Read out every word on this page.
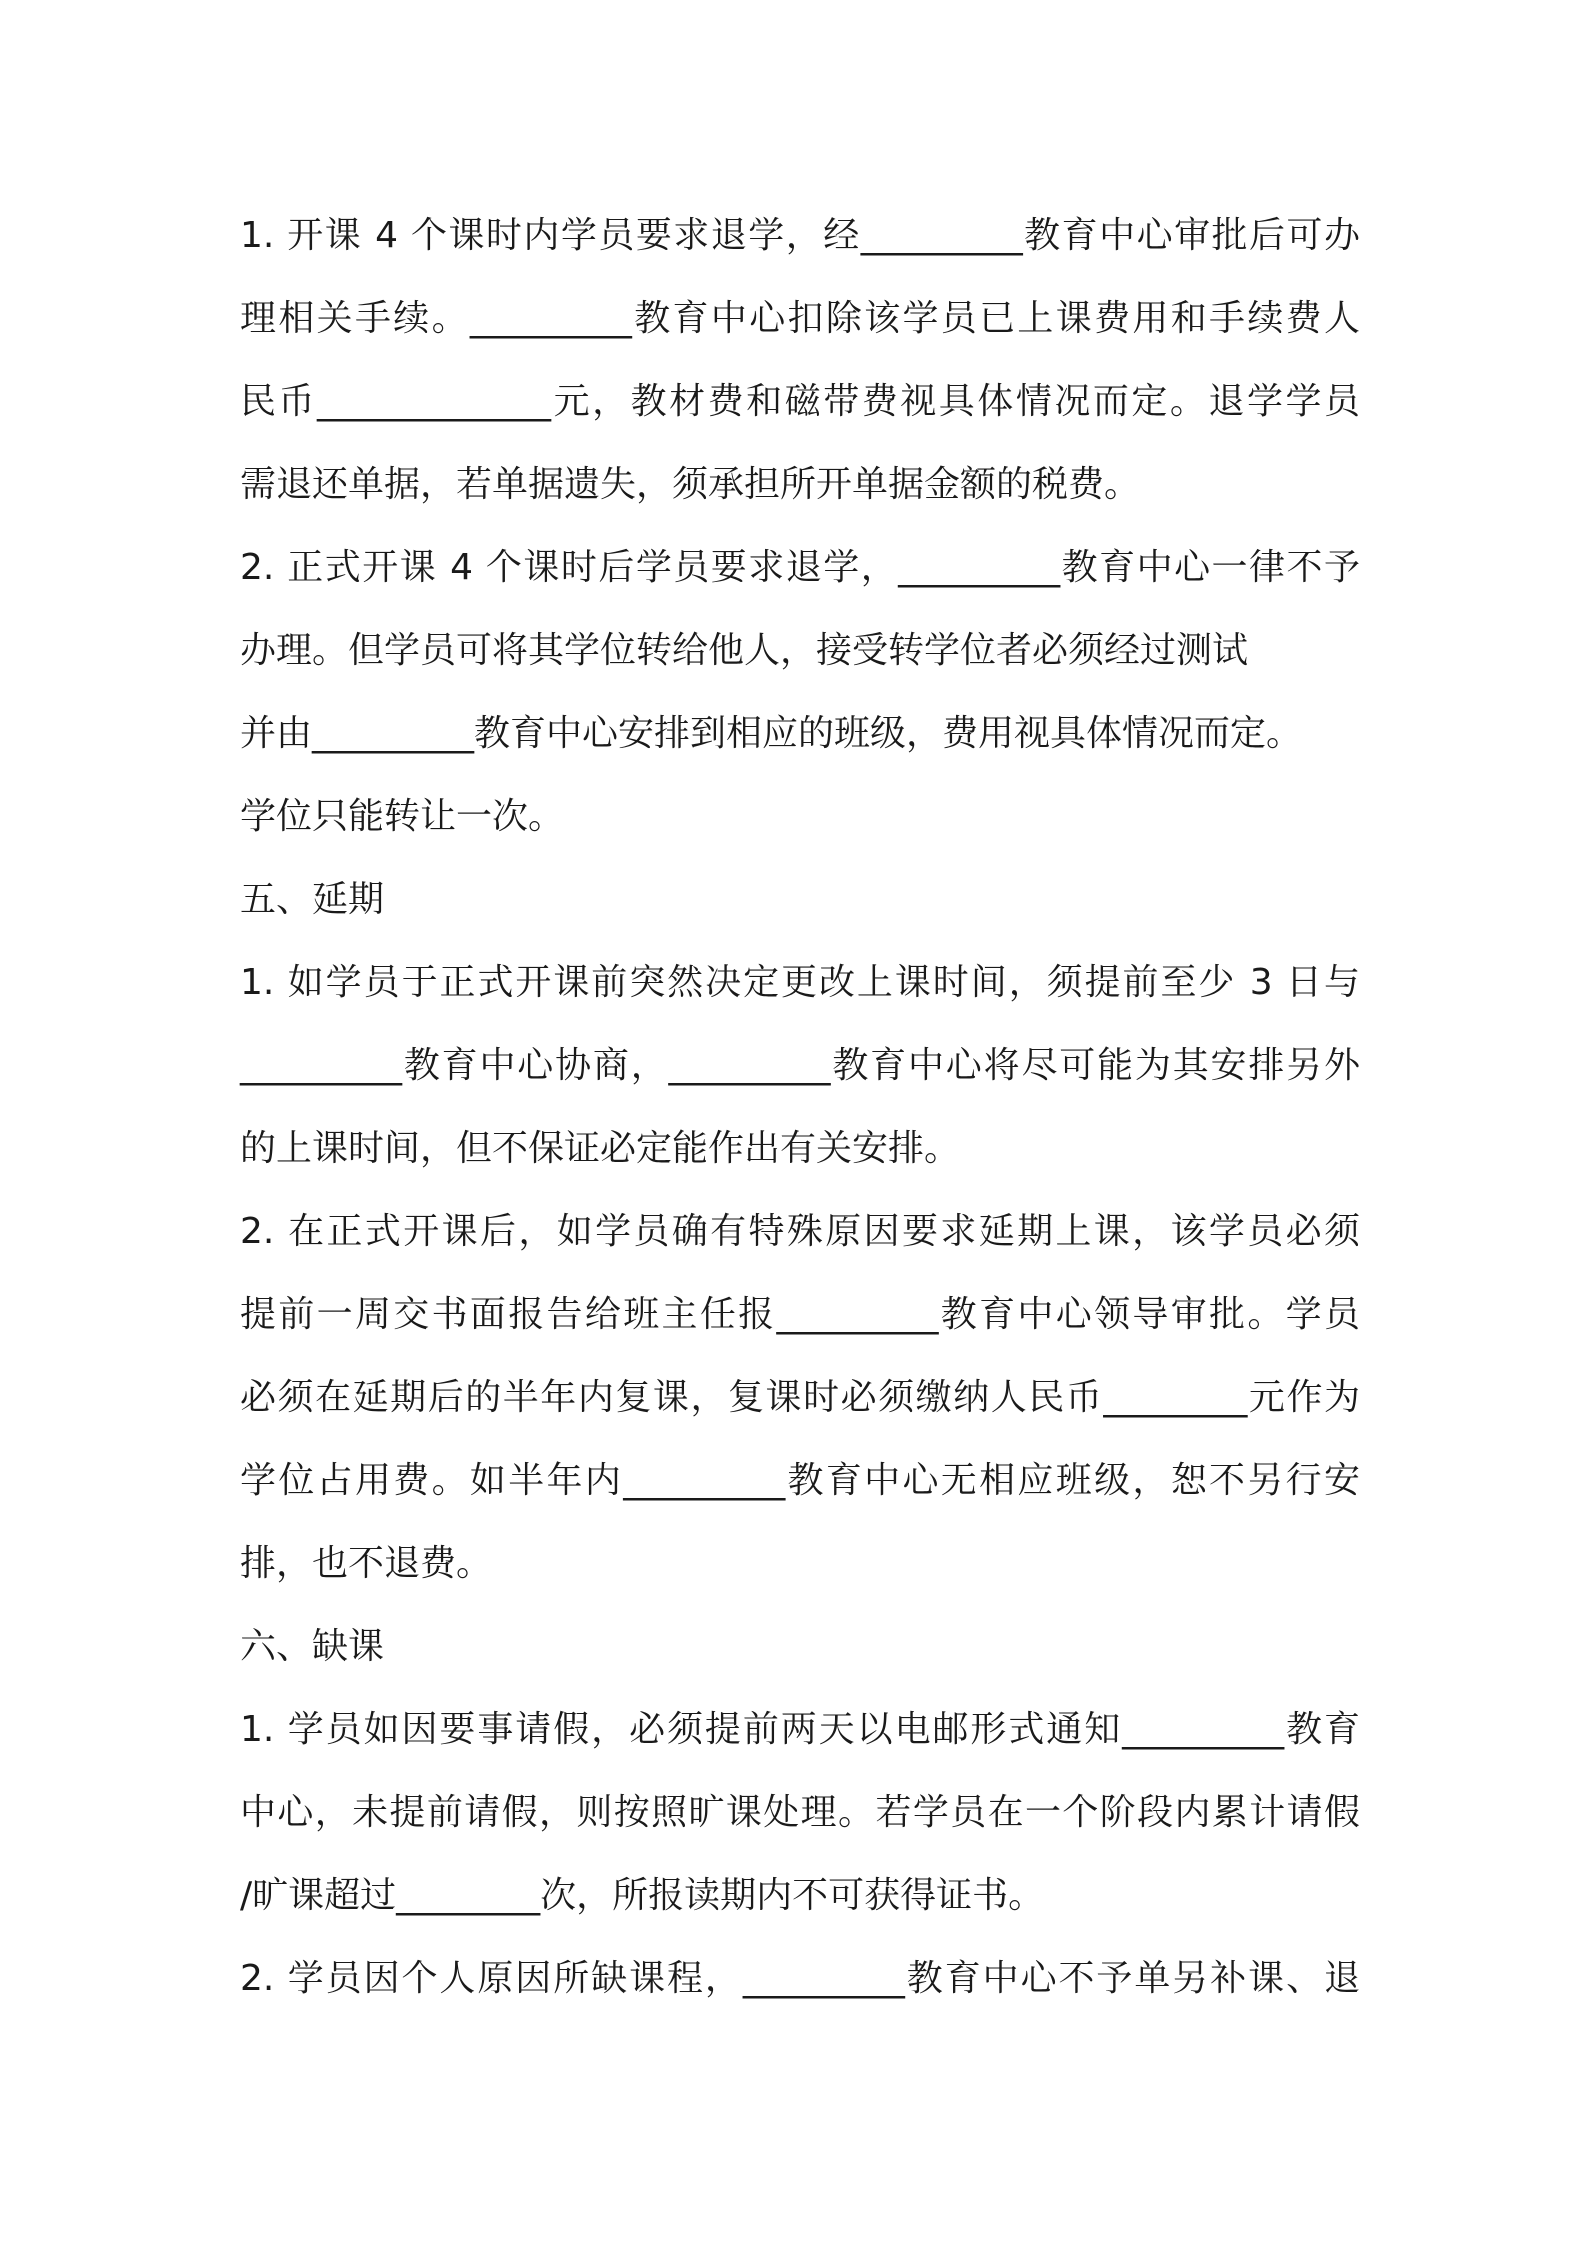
1. 开课 4 个课时内学员要求退学，经_________教育中心审批后可办
理相关手续。_________教育中心扣除该学员已上课费用和手续费人
民币_____________元，教材费和磁带费视具体情况而定。退学学员
需退还单据，若单据遗失，须承担所开单据金额的税费。
2. 正式开课 4 个课时后学员要求退学，_________教育中心一律不予
办理。但学员可将其学位转给他人，接受转学位者必须经过测试
并由_________教育中心安排到相应的班级，费用视具体情况而定。
学位只能转让一次。
五、延期
1. 如学员于正式开课前突然决定更改上课时间，须提前至少 3 日与
_________教育中心协商，_________教育中心将尽可能为其安排另外
的上课时间，但不保证必定能作出有关安排。
2. 在正式开课后，如学员确有特殊原因要求延期上课，该学员必须
提前一周交书面报告给班主任报_________教育中心领导审批。学员
必须在延期后的半年内复课，复课时必须缴纳人民币________元作为
学位占用费。如半年内_________教育中心无相应班级，恕不另行安
排，也不退费。
六、缺课
1. 学员如因要事请假，必须提前两天以电邮形式通知_________教育
中心，未提前请假，则按照旷课处理。若学员在一个阶段内累计请假
/旷课超过________次，所报读期内不可获得证书。
2. 学员因个人原因所缺课程，_________教育中心不予单另补课、退
